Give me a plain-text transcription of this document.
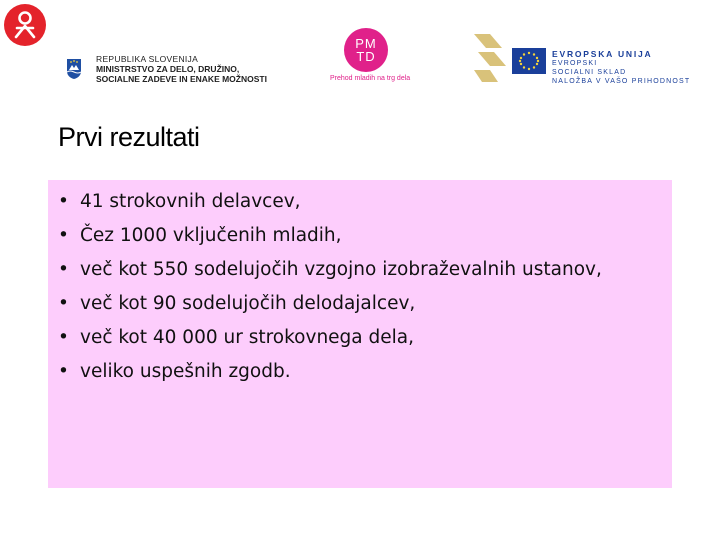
REPUBLIKA SLOVENIJA
MINISTRSTVO ZA DELO, DRUŽINO,
SOCIALNE ZADEVE IN ENAKE MOŽNOSTI
PM
TD
Prehod mladih na trg dela
EVROPSKA UNIJA
EVROPSKI
SOCIALNI SKLAD
NALOŽBA V VAŠO PRIHODNOST
Prvi rezultati
• 41 strokovnih delavcev,
• Čez 1000 vključenih mladih,
• več kot 550 sodelujočih vzgojno izobraževalnih ustanov,
• več kot 90 sodelujočih delodajalcev,
• več kot 40 000 ur strokovnega dela,
• veliko uspešnih zgodb.
